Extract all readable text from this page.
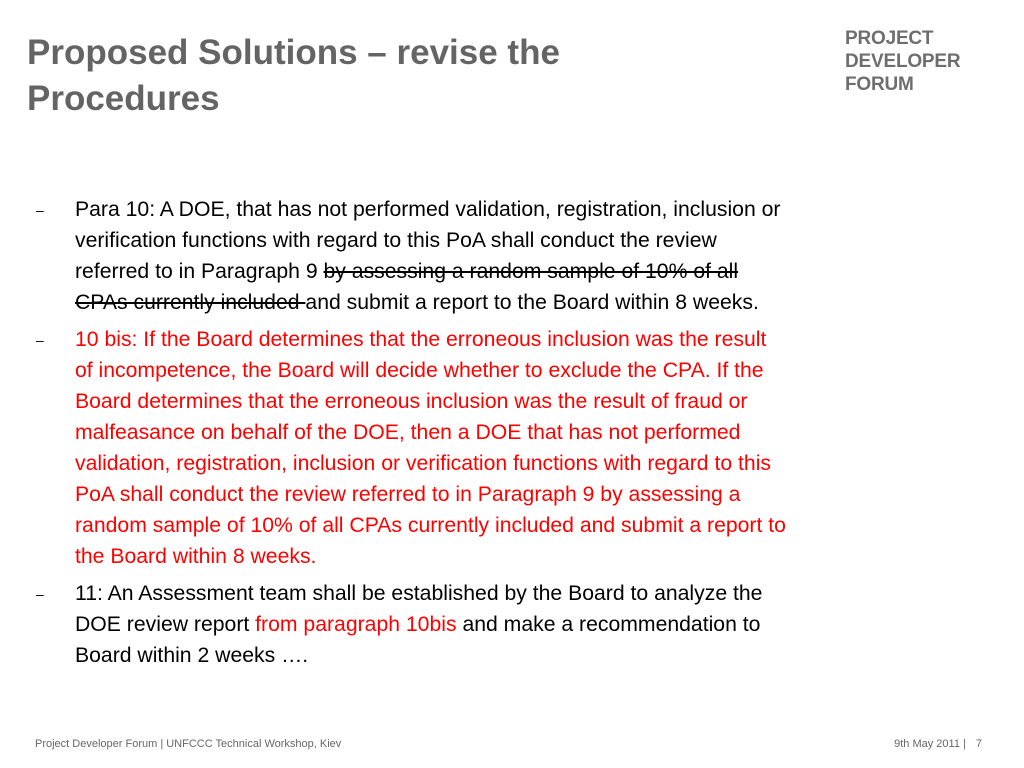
Proposed Solutions – revise the
Procedures
PROJECT
DEVELOPER
FORUM
– Para 10: A DOE, that has not performed validation, registration, inclusion or
verification functions with regard to this PoA shall conduct the review
referred to in Paragraph 9 by assessing a random sample of 10% of all
CPAs currently included and submit a report to the Board within 8 weeks.
– 10 bis: If the Board determines that the erroneous inclusion was the result
of incompetence, the Board will decide whether to exclude the CPA. If the
Board determines that the erroneous inclusion was the result of fraud or
malfeasance on behalf of the DOE, then a DOE that has not performed
validation, registration, inclusion or verification functions with regard to this
PoA shall conduct the review referred to in Paragraph 9 by assessing a
random sample of 10% of all CPAs currently included and submit a report to
the Board within 8 weeks.
– 11: An Assessment team shall be established by the Board to analyze the
DOE review report from paragraph 10bis and make a recommendation to
Board within 2 weeks ….
Project Developer Forum | UNFCCC Technical Workshop, Kiev	9th May 2011 | 7
